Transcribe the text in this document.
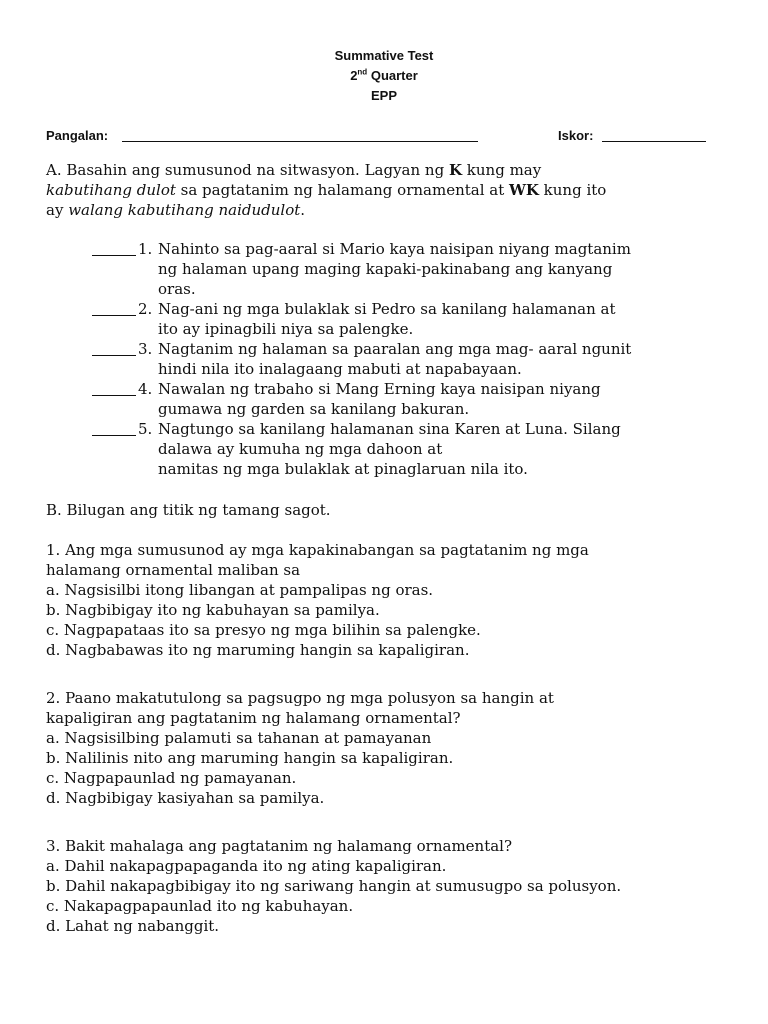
Summative Test
2nd Quarter
EPP
Pangalan:	Iskor:
A. Basahin ang sumusunod na sitwasyon. Lagyan ng K kung may
kabutihang dulot sa pagtatanim ng halamang ornamental at WK kung ito
ay walang kabutihang naidudulot.
1. Nahinto sa pag-aaral si Mario kaya naisipan niyang magtanim
ng halaman upang maging kapaki-pakinabang ang kanyang
oras.
2. Nag-ani ng mga bulaklak si Pedro sa kanilang halamanan at
ito ay ipinagbili niya sa palengke.
3. Nagtanim ng halaman sa paaralan ang mga mag- aaral ngunit
hindi nila ito inalagaang mabuti at napabayaan.
4. Nawalan ng trabaho si Mang Erning kaya naisipan niyang
gumawa ng garden sa kanilang bakuran.
5. Nagtungo sa kanilang halamanan sina Karen at Luna. Silang
dalawa ay kumuha ng mga dahoon at
namitas ng mga bulaklak at pinaglaruan nila ito.
B. Bilugan ang titik ng tamang sagot.

1. Ang mga sumusunod ay mga kapakinabangan sa pagtatanim ng mga

halamang ornamental maliban sa

a. Nagsisilbi itong libangan at pampalipas ng oras.

b. Nagbibigay ito ng kabuhayan sa pamilya.

c. Nagpapataas ito sa presyo ng mga bilihin sa palengke.

d. Nagbabawas ito ng maruming hangin sa kapaligiran.

2. Paano makatutulong sa pagsugpo ng mga polusyon sa hangin at

kapaligiran ang pagtatanim ng halamang ornamental?

a. Nagsisilbing palamuti sa tahanan at pamayanan

b. Nalilinis nito ang maruming hangin sa kapaligiran.

c. Nagpapaunlad ng pamayanan.

d. Nagbibigay kasiyahan sa pamilya.

3. Bakit mahalaga ang pagtatanim ng halamang ornamental?

a. Dahil nakapagpapaganda ito ng ating kapaligiran.

b. Dahil nakapagbibigay ito ng sariwang hangin at sumusugpo sa polusyon.

c. Nakapagpapaunlad ito ng kabuhayan.

d. Lahat ng nabanggit.
